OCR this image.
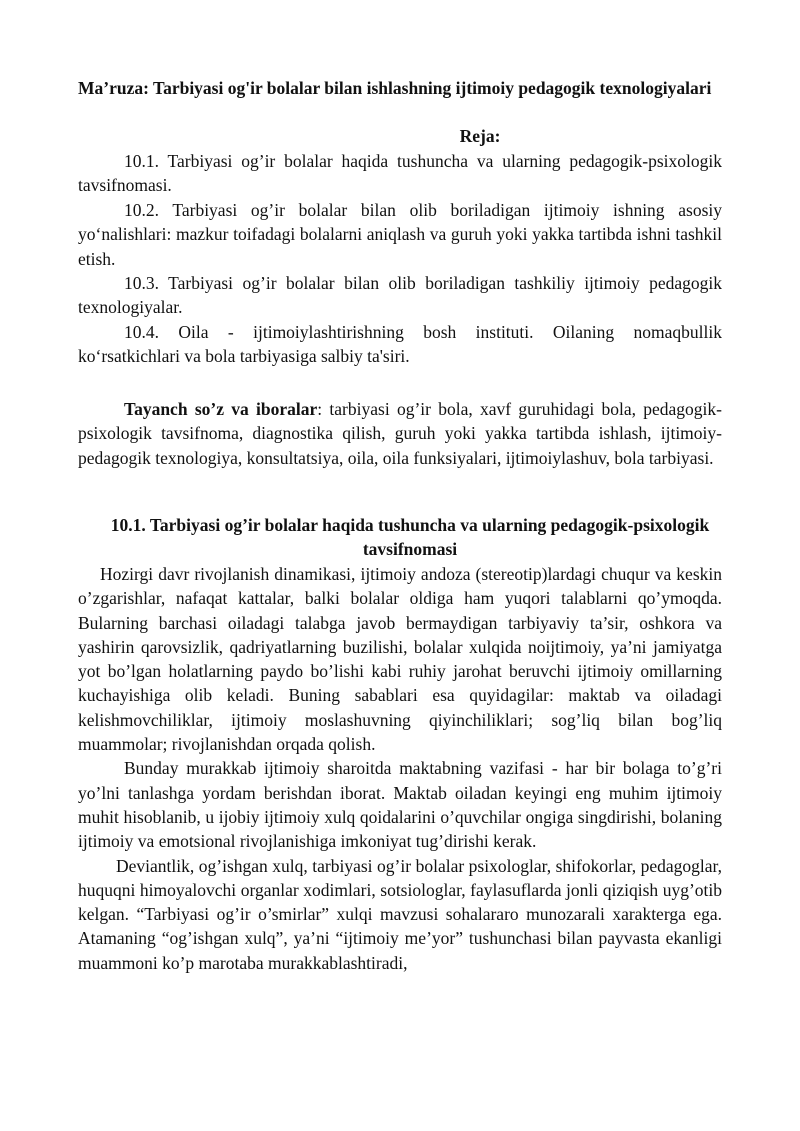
Ma’ruza: Tarbiyasi og'ir bolalar bilan ishlashning ijtimoiy pedagogik texnologiyalari
Reja:

10.1. Tarbiyasi og’ir bolalar haqida tushuncha va ularning pedagogik-psixologik tavsifnomasi.

10.2. Tarbiyasi og’ir bolalar bilan olib boriladigan ijtimoiy ishning asosiy yo‘nalishlari: mazkur toifadagi bolalarni aniqlash va guruh yoki yakka tartibda ishni tashkil etish.

10.3. Tarbiyasi og’ir bolalar bilan olib boriladigan tashkiliy ijtimoiy pedagogik texnologiyalar.

10.4. Oila - ijtimoiylashtirishning bosh instituti. Oilaning nomaqbullik ko‘rsatkichlari va bola tarbiyasiga salbiy ta'siri.

Tayanch so’z va iboralar: tarbiyasi og’ir bola, xavf guruhidagi bola, pedagogik-psixologik tavsifnoma, diagnostika qilish, guruh yoki yakka tartibda ishlash, ijtimoiy-pedagogik texnologiya, konsultatsiya, oila, oila funksiyalari, ijtimoiylashuv, bola tarbiyasi.

10.1. Tarbiyasi og’ir bolalar haqida tushuncha va ularning pedagogik-psixologik tavsifnomasi

Hozirgi davr rivojlanish dinamikasi, ijtimoiy andoza (stereotip)lardagi chuqur va keskin o’zgarishlar, nafaqat kattalar, balki bolalar oldiga ham yuqori talablarni qo’ymoqda. Bularning barchasi oiladagi talabga javob bermaydigan tarbiyaviy ta’sir, oshkora va yashirin qarovsizlik, qadriyatlarning buzilishi, bolalar xulqida noijtimoiy, ya’ni jamiyatga yot bo’lgan holatlarning paydo bo’lishi kabi ruhiy jarohat beruvchi ijtimoiy omillarning kuchayishiga olib keladi. Buning sabablari esa quyidagilar: maktab va oiladagi kelishmovchiliklar, ijtimoiy moslashuvning qiyinchiliklari; sog’liq bilan bog’liq muammolar; rivojlanishdan orqada qolish.

Bunday murakkab ijtimoiy sharoitda maktabning vazifasi - har bir bolaga to’g’ri yo’lni tanlashga yordam berishdan iborat. Maktab oiladan keyingi eng muhim ijtimoiy muhit hisoblanib, u ijobiy ijtimoiy xulq qoidalarini o’quvchilar ongiga singdirishi, bolaning ijtimoiy va emotsional rivojlanishiga imkoniyat tug’dirishi kerak.

Deviantlik, og’ishgan xulq, tarbiyasi og’ir bolalar psixologlar, shifokorlar, pedagoglar, huquqni himoyalovchi organlar xodimlari, sotsiologlar, faylasuflarda jonli qiziqish uyg’otib kelgan. “Tarbiyasi og’ir o’smirlar” xulqi mavzusi sohalararo munozarali xarakterga ega. Atamaning “og’ishgan xulq”, ya’ni “ijtimoiy me’yor” tushunchasi bilan payvasta ekanligi muammoni ko’p marotaba murakkablashtiradi,
